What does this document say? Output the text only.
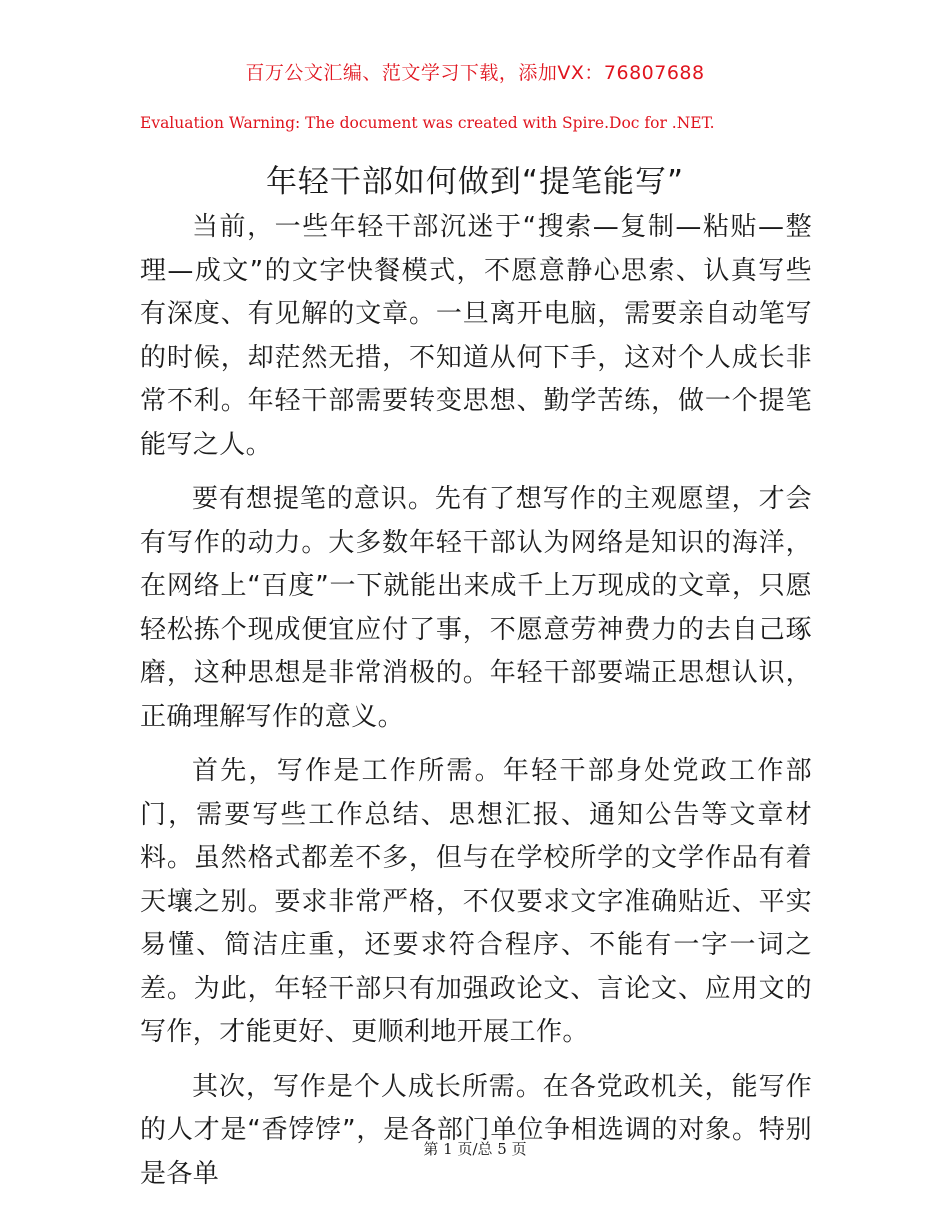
百万公文汇编、范文学习下载，添加VX：76807688
Evaluation Warning: The document was created with Spire.Doc for .NET.
年轻干部如何做到“提笔能写”

当前，一些年轻干部沉迷于“搜索—复制—粘贴—整理—成文”的文字快餐模式，不愿意静心思索、认真写些有深度、有见解的文章。一旦离开电脑，需要亲自动笔写的时候，却茫然无措，不知道从何下手，这对个人成长非常不利。年轻干部需要转变思想、勤学苦练，做一个提笔能写之人。

要有想提笔的意识。先有了想写作的主观愿望，才会有写作的动力。大多数年轻干部认为网络是知识的海洋，在网络上“百度”一下就能出来成千上万现成的文章，只愿轻松拣个现成便宜应付了事，不愿意劳神费力的去自己琢磨，这种思想是非常消极的。年轻干部要端正思想认识，正确理解写作的意义。

首先，写作是工作所需。年轻干部身处党政工作部门，需要写些工作总结、思想汇报、通知公告等文章材料。虽然格式都差不多，但与在学校所学的文学作品有着天壤之别。要求非常严格，不仅要求文字准确贴近、平实易懂、简洁庄重，还要求符合程序、不能有一字一词之差。为此，年轻干部只有加强政论文、言论文、应用文的写作，才能更好、更顺利地开展工作。

其次，写作是个人成长所需。在各党政机关，能写作的人才是“香饽饽”，是各部门单位争相选调的对象。特别是各单

第 1 页/总 5 页
